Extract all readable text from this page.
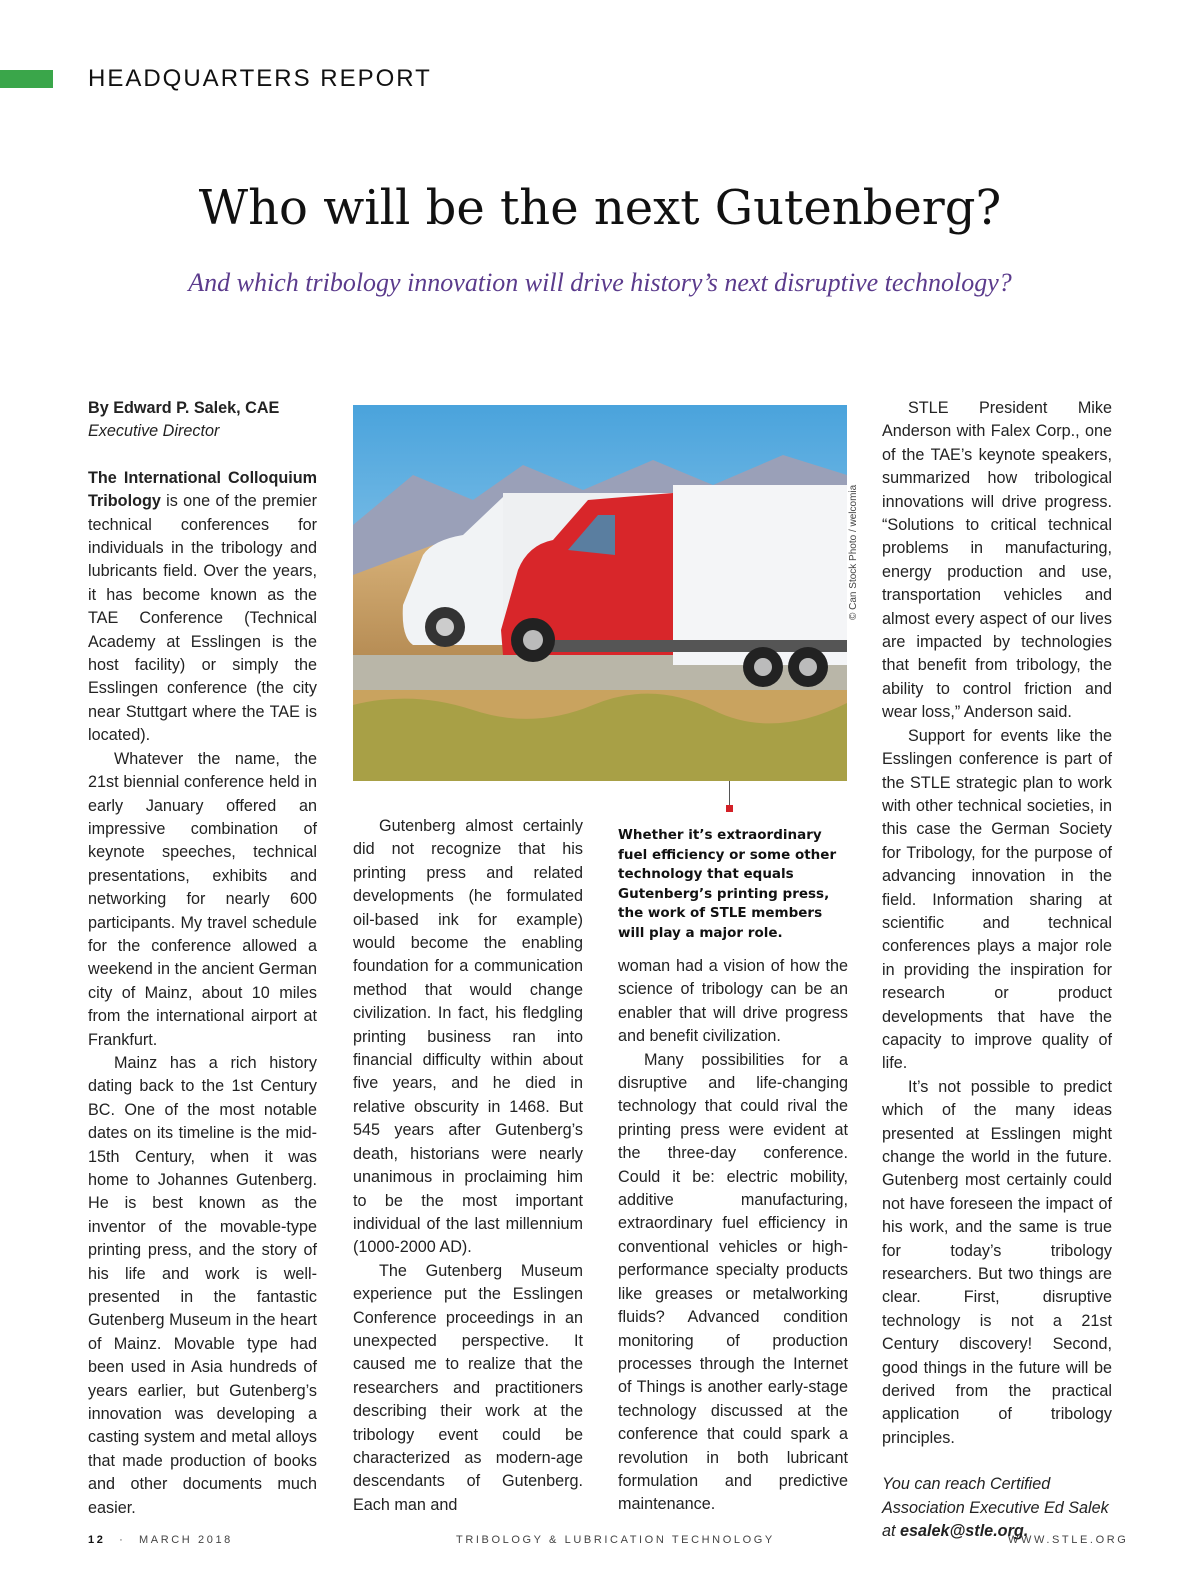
HEADQUARTERS REPORT
Who will be the next Gutenberg?
And which tribology innovation will drive history’s next disruptive technology?

By Edward P. Salek, CAE
Executive Director

The International Colloquium Tribology is one of the premier technical conferences for individuals in the tribology and lubricants field. Over the years, it has become known as the TAE Conference (Technical Academy at Esslingen is the host facility) or simply the Esslingen conference (the city near Stuttgart where the TAE is located).

Whatever the name, the 21st biennial conference held in early January offered an impressive combination of keynote speeches, technical presentations, exhibits and networking for nearly 600 participants. My travel schedule for the conference allowed a weekend in the ancient German city of Mainz, about 10 miles from the international airport at Frankfurt.

Mainz has a rich history dating back to the 1st Century BC. One of the most notable dates on its timeline is the mid-15th Century, when it was home to Johannes Gutenberg. He is best known as the inventor of the movable-type printing press, and the story of his life and work is well-presented in the fantastic Gutenberg Museum in the heart of Mainz. Movable type had been used in Asia hundreds of years earlier, but Gutenberg’s innovation was developing a casting system and metal alloys that made production of books and other documents much easier.

© Can Stock Photo / welcomia
Whether it’s extraordinary fuel efficiency or some other technology that equals Gutenberg’s printing press, the work of STLE members will play a major role.

Gutenberg almost certainly did not recognize that his printing press and related developments (he formulated oil-based ink for example) would become the enabling foundation for a communication method that would change civilization. In fact, his fledgling printing business ran into financial difficulty within about five years, and he died in relative obscurity in 1468. But 545 years after Gutenberg’s death, historians were nearly unanimous in proclaiming him to be the most important individual of the last millennium (1000-2000 AD).

The Gutenberg Museum experience put the Esslingen Conference proceedings in an unexpected perspective. It caused me to realize that the researchers and practitioners describing their work at the tribology event could be characterized as modern-age descendants of Gutenberg. Each man and

woman had a vision of how the science of tribology can be an enabler that will drive progress and benefit civilization.

Many possibilities for a disruptive and life-changing technology that could rival the printing press were evident at the three-day conference. Could it be: electric mobility, additive manufacturing, extraordinary fuel efficiency in conventional vehicles or high-performance specialty products like greases or metalworking fluids? Advanced condition monitoring of production processes through the Internet of Things is another early-stage technology discussed at the conference that could spark a revolution in both lubricant formulation and predictive maintenance.

STLE President Mike Anderson with Falex Corp., one of the TAE’s keynote speakers, summarized how tribological innovations will drive progress. “Solutions to critical technical problems in manufacturing, energy production and use, transportation vehicles and almost every aspect of our lives are impacted by technologies that benefit from tribology, the ability to control friction and wear loss,” Anderson said.

Support for events like the Esslingen conference is part of the STLE strategic plan to work with other technical societies, in this case the German Society for Tribology, for the purpose of advancing innovation in the field. Information sharing at scientific and technical conferences plays a major role in providing the inspiration for research or product developments that have the capacity to improve quality of life.

It’s not possible to predict which of the many ideas presented at Esslingen might change the world in the future. Gutenberg most certainly could not have foreseen the impact of his work, and the same is true for today’s tribology researchers. But two things are clear. First, disruptive technology is not a 21st Century discovery! Second, good things in the future will be derived from the practical application of tribology principles.

You can reach Certified Association Executive Ed Salek at esalek@stle.org.

12 · MARCH 2018	TRIBOLOGY & LUBRICATION TECHNOLOGY	WWW.STLE.ORG
